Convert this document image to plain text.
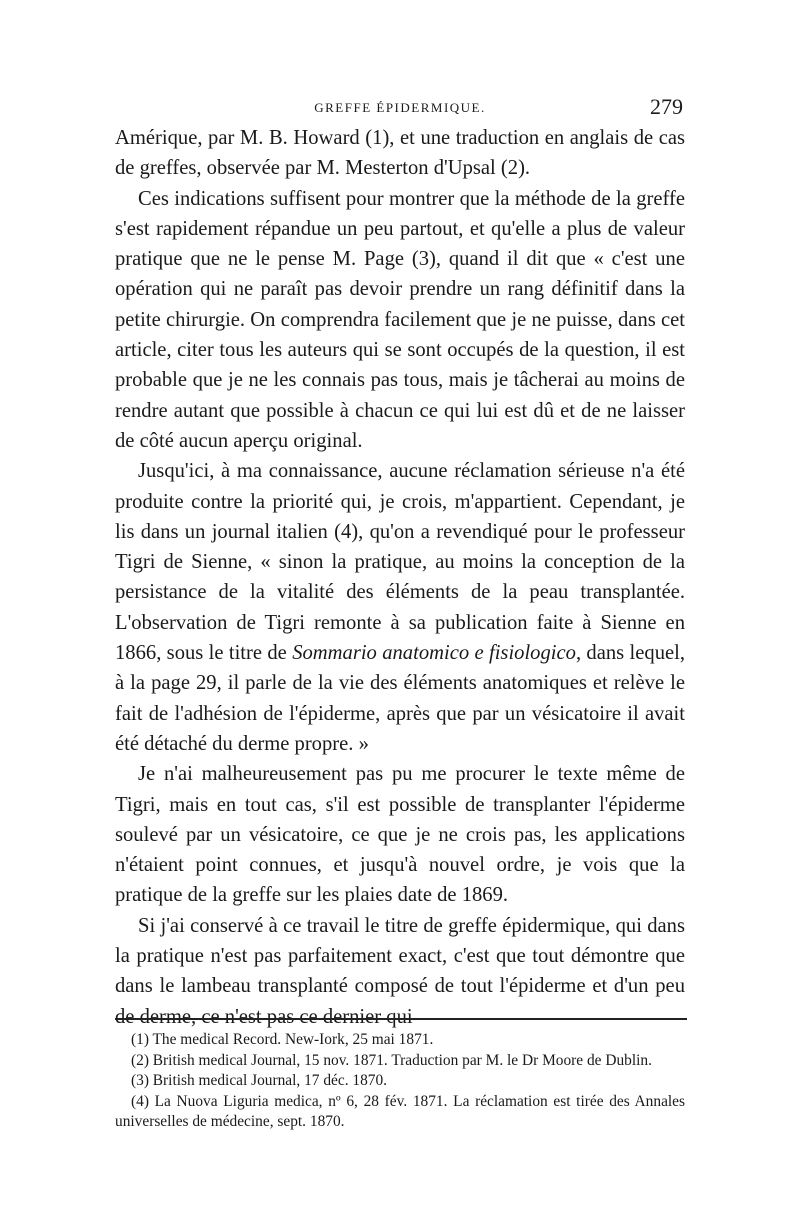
GREFFE ÉPIDERMIQUE.	279

Amérique, par M. B. Howard (1), et une traduction en anglais de cas de greffes, observée par M. Mesterton d'Upsal (2).

Ces indications suffisent pour montrer que la méthode de la greffe s'est rapidement répandue un peu partout, et qu'elle a plus de valeur pratique que ne le pense M. Page (3), quand il dit que « c'est une opération qui ne paraît pas devoir prendre un rang définitif dans la petite chirurgie. On comprendra facilement que je ne puisse, dans cet article, citer tous les auteurs qui se sont occupés de la question, il est probable que je ne les connais pas tous, mais je tâcherai au moins de rendre autant que possible à chacun ce qui lui est dû et de ne laisser de côté aucun aperçu original.

Jusqu'ici, à ma connaissance, aucune réclamation sérieuse n'a été produite contre la priorité qui, je crois, m'appartient. Cependant, je lis dans un journal italien (4), qu'on a revendiqué pour le professeur Tigri de Sienne, « sinon la pratique, au moins la conception de la persistance de la vitalité des éléments de la peau transplantée. L'observation de Tigri remonte à sa publication faite à Sienne en 1866, sous le titre de Sommario anatomico e fisiologico, dans lequel, à la page 29, il parle de la vie des éléments anatomiques et relève le fait de l'adhésion de l'épiderme, après que par un vésicatoire il avait été détaché du derme propre. »

Je n'ai malheureusement pas pu me procurer le texte même de Tigri, mais en tout cas, s'il est possible de transplanter l'épiderme soulevé par un vésicatoire, ce que je ne crois pas, les applications n'étaient point connues, et jusqu'à nouvel ordre, je vois que la pratique de la greffe sur les plaies date de 1869.

Si j'ai conservé à ce travail le titre de greffe épidermique, qui dans la pratique n'est pas parfaitement exact, c'est que tout démontre que dans le lambeau transplanté composé de tout l'épiderme et d'un peu de derme, ce n'est pas ce dernier qui

(1) The medical Record. New-Iork, 25 mai 1871.

(2) British medical Journal, 15 nov. 1871. Traduction par M. le Dr Moore de Dublin.

(3) British medical Journal, 17 déc. 1870.

(4) La Nuova Liguria medica, nº 6, 28 fév. 1871. La réclamation est tirée des Annales universelles de médecine, sept. 1870.
